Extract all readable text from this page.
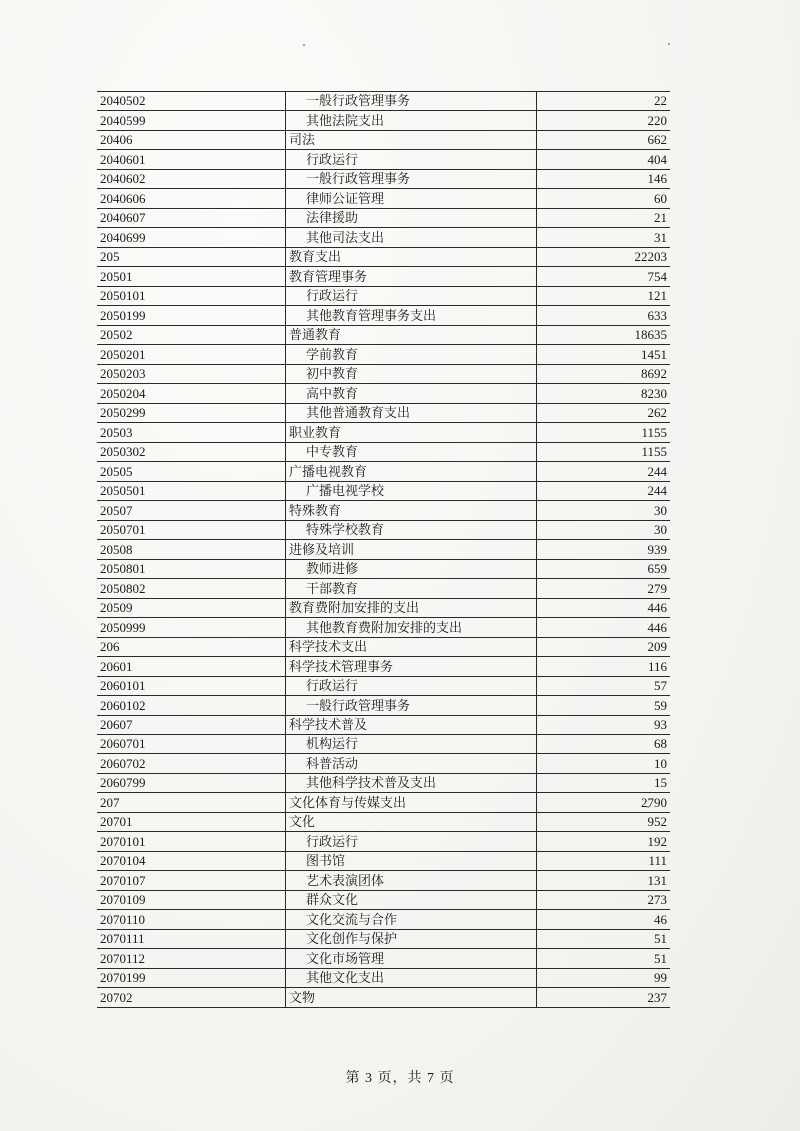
2040502	一般行政管理事务	22
2040599	其他法院支出	220
20406	司法	662
2040601	行政运行	404
2040602	一般行政管理事务	146
2040606	律师公证管理	60
2040607	法律援助	21
2040699	其他司法支出	31
205	教育支出	22203
20501	教育管理事务	754
2050101	行政运行	121
2050199	其他教育管理事务支出	633
20502	普通教育	18635
2050201	学前教育	1451
2050203	初中教育	8692
2050204	高中教育	8230
2050299	其他普通教育支出	262
20503	职业教育	1155
2050302	中专教育	1155
20505	广播电视教育	244
2050501	广播电视学校	244
20507	特殊教育	30
2050701	特殊学校教育	30
20508	进修及培训	939
2050801	教师进修	659
2050802	干部教育	279
20509	教育费附加安排的支出	446
2050999	其他教育费附加安排的支出	446
206	科学技术支出	209
20601	科学技术管理事务	116
2060101	行政运行	57
2060102	一般行政管理事务	59
20607	科学技术普及	93
2060701	机构运行	68
2060702	科普活动	10
2060799	其他科学技术普及支出	15
207	文化体育与传媒支出	2790
20701	文化	952
2070101	行政运行	192
2070104	图书馆	111
2070107	艺术表演团体	131
2070109	群众文化	273
2070110	文化交流与合作	46
2070111	文化创作与保护	51
2070112	文化市场管理	51
2070199	其他文化支出	99
20702	文物	237
第 3 页，共 7 页
